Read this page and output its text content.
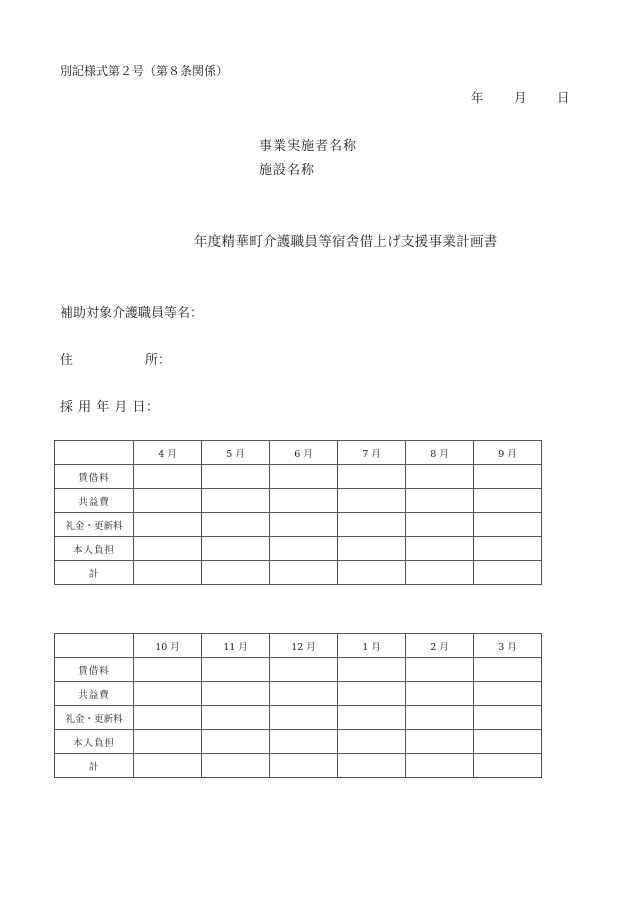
別記様式第２号（第８条関係）
年 月 日
事業実施者名称
施設名称
年度精華町介護職員等宿舎借上げ支援事業計画書
補助対象介護職員等名：
住	所：
採 用 年 月 日：
	4 月	5 月	6 月	7 月	8 月	9 月
賃借料						
共益費						
礼金・更新料						
本人負担						
計						
	10 月	11 月	12 月	1 月	2 月	3 月
賃借料						
共益費						
礼金・更新料						
本人負担						
計						
